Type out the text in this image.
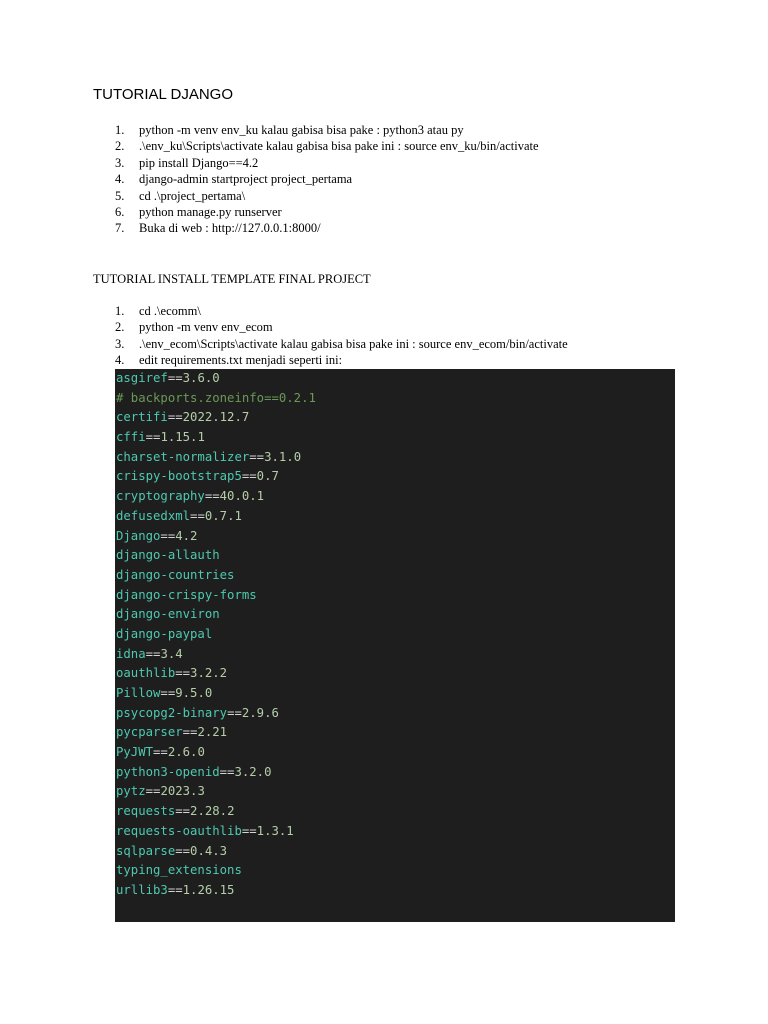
TUTORIAL DJANGO
1.	python -m venv env_ku kalau gabisa bisa pake : python3 atau py
2.	.\env_ku\Scripts\activate kalau gabisa bisa pake ini : source env_ku/bin/activate
3.	pip install Django==4.2
4.	django-admin startproject project_pertama
5.	cd .\project_pertama\
6.	python manage.py runserver
7.	Buka di web : http://127.0.0.1:8000/
TUTORIAL INSTALL TEMPLATE FINAL PROJECT
1.	cd .\ecomm\
2.	python -m venv env_ecom
3.	.\env_ecom\Scripts\activate kalau gabisa bisa pake ini : source env_ecom/bin/activate
4.	edit requirements.txt menjadi seperti ini:
asgiref==3.6.0
# backports.zoneinfo==0.2.1
certifi==2022.12.7
cffi==1.15.1
charset-normalizer==3.1.0
crispy-bootstrap5==0.7
cryptography==40.0.1
defusedxml==0.7.1
Django==4.2
django-allauth
django-countries
django-crispy-forms
django-environ
django-paypal
idna==3.4
oauthlib==3.2.2
Pillow==9.5.0
psycopg2-binary==2.9.6
pycparser==2.21
PyJWT==2.6.0
python3-openid==3.2.0
pytz==2023.3
requests==2.28.2
requests-oauthlib==1.3.1
sqlparse==0.4.3
typing_extensions
urllib3==1.26.15
